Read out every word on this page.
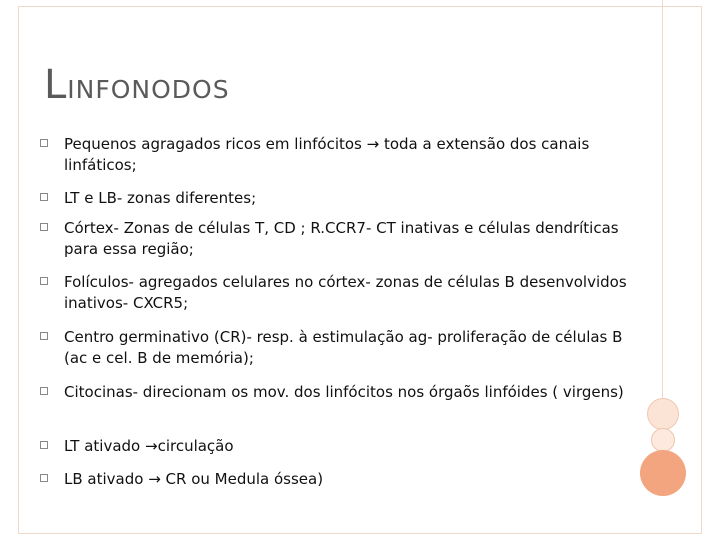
LINFONODOS
Pequenos agragados ricos em linfócitos → toda a extensão dos canais linfáticos;
LT e LB- zonas diferentes;
Córtex- Zonas de células T, CD ; R.CCR7- CT inativas e células dendríticas para essa região;
Folículos- agregados celulares no córtex- zonas de células B desenvolvidos inativos- CXCR5;
Centro germinativo (CR)- resp. à estimulação ag- proliferação de células B (ac e cel. B de memória);
Citocinas- direcionam os mov. dos linfócitos nos órgaõs linfóides ( virgens)
LT ativado →circulação
LB ativado → CR ou Medula óssea)
